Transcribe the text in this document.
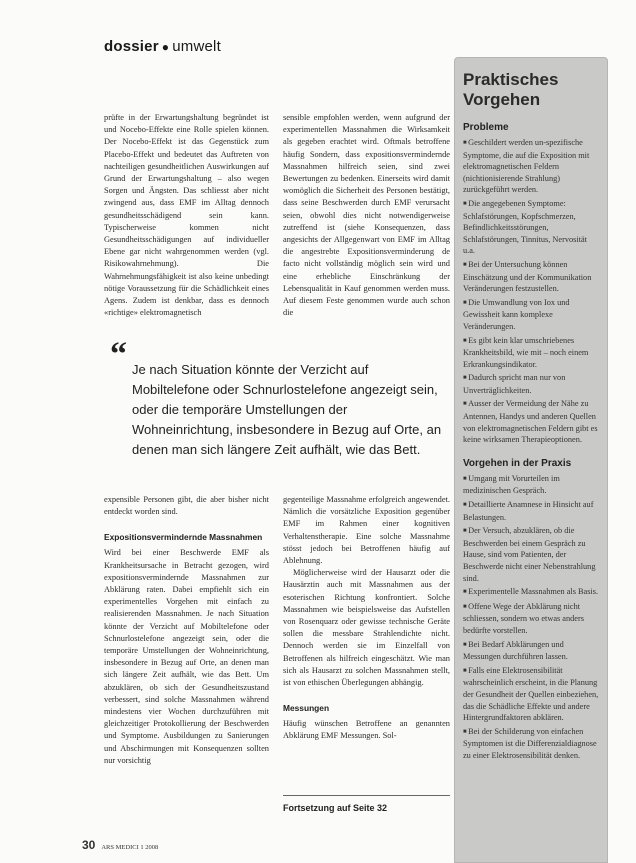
dossier ● umwelt

prüfte in der Erwartungshaltung begründet ist und Nocebo-Effekte eine Rolle spielen können. Der Nocebo-Effekt ist das Gegenstück zum Placebo-Effekt und bedeutet das Auftreten von nachteiligen gesundheitlichen Auswirkungen auf Grund der Erwartungshaltung – also wegen Sorgen und Ängsten. Das schliesst aber nicht zwingend aus, dass EMF im Alltag dennoch gesundheitsschädigend sein kann. Typischerweise kommen nicht Gesundheitsschädigungen auf individueller Ebene gar nicht wahrgenommen werden (vgl. Risikowahrnehmung). Die Wahrnehmungsfähigkeit ist also keine unbedingt nötige Voraussetzung für die Schädlichkeit eines Agens. Zudem ist denkbar, dass es dennoch «richtige» elektromagnetisch

sensible empfohlen werden, wenn aufgrund der experimentellen Massnahmen die Wirksamkeit als gegeben erachtet wird. Oftmals betroffene häufig Sondern, dass expositionsvermindernde Massnahmen hilfreich seien, sind zwei Bewertungen zu bedenken. Einerseits wird damit womöglich die Sicherheit des Personen bestätigt, dass seine Beschwerden durch EMF verursacht seien, obwohl dies nicht notwendigerweise zutreffend ist (siehe Konsequenzen, dass angesichts der Allgegenwart von EMF im Alltag die angestrebte Expositionsverminderung de facto nicht vollständig möglich sein wird und eine erhebliche Einschränkung der Lebensqualität in Kauf genommen werden muss. Auf diesem Feste genommen wurde auch schon die

“ Je nach Situation könnte der Verzicht auf Mobiltelefone oder Schnurlostelefone angezeigt sein, oder die temporäre Umstellungen der Wohneinrichtung, insbesondere in Bezug auf Orte, an denen man sich längere Zeit aufhält, wie das Bett.

expensible Personen gibt, die aber bisher nicht entdeckt worden sind.

Expositionsvermindernde Massnahmen

Wird bei einer Beschwerde EMF als Krankheitsursache in Betracht gezogen, wird expositionsvermindernde Massnahmen zur Abklärung raten. Dabei empfiehlt sich ein experimentelles Vorgehen mit einfach zu realisierenden Massnahmen. Je nach Situation könnte der Verzicht auf Mobiltelefone oder Schnurlostelefone angezeigt sein, oder die temporäre Umstellungen der Wohneinrichtung, insbesondere in Bezug auf Orte, an denen man sich längere Zeit aufhält, wie das Bett. Um abzuklären, ob sich der Gesundheitszustand verbessert, sind solche Massnahmen während mindestens vier Wochen durchzuführen mit gleichzeitiger Protokollierung der Beschwerden und Symptome. Ausbildungen zu Sanierungen und Abschirmungen mit Konsequenzen sollten nur vorsichtig

gegenteilige Massnahme erfolgreich angewendet. Nämlich die vorsätzliche Exposition gegenüber EMF im Rahmen einer kognitiven Verhaltenstherapie. Eine solche Massnahme stösst jedoch bei Betroffenen häufig auf Ablehnung.

Möglicherweise wird der Hausarzt oder die Hausärztin auch mit Massnahmen aus der esoterischen Richtung konfrontiert. Solche Massnahmen wie beispielsweise das Aufstellen von Rosenquarz oder gewisse technische Geräte sollen die messbare Strahlendichte nicht. Dennoch werden sie im Einzelfall von Betroffenen als hilfreich eingeschätzt. Wie man sich als Hausarzt zu solchen Massnahmen stellt, ist von ethischen Überlegungen abhängig.

Messungen

Häufig wünschen Betroffene an genannten Abklärung EMF Messungen. Sol-

Fortsetzung auf Seite 32
Praktisches Vorgehen
Probleme
■ Geschildert werden un-spezifische Symptome, die auf die Exposition mit elektromagnetischen Feldern (nichtionisierende Strahlung) zurückgeführt werden.
■ Die angegebenen Symptome: Schlafstörungen, Kopfschmerzen, Befindlichkeitsstörungen, Schlafstörungen, Tinnitus, Nervosität u.a.
■ Bei der Untersuchung können Einschätzung und der Kommunikation Veränderungen festzustellen.
■ Die Umwandlung von Iox und Gewissheit kann komplexe Veränderungen.
■ Es gibt kein klar umschriebenes Krankheitsbild, wie mit – noch einem Erkrankungsindikator.
■ Dadurch spricht man nur von Unverträglichkeiten.
■ Ausser der Vermeidung der Nähe zu Antennen, Handys und anderen Quellen von elektromagnetischen Feldern gibt es keine wirksamen Therapieoptionen.
Vorgehen in der Praxis
■ Umgang mit Vorurteilen im medizinischen Gespräch.
■ Detaillierte Anamnese in Hinsicht auf Belastungen.
■ Der Versuch, abzuklären, ob die Beschwerden bei einem Gespräch zu Hause, sind vom Patienten, der Beschwerde nicht einer Nebenstrahlung sind.
■ Experimentelle Massnahmen als Basis.
■ Offene Wege der Abklärung nicht schliessen, sondern wo etwas anders bedürfte vorstellen.
■ Bei Bedarf Abklärungen und Messungen durchführen lassen.
■ Falls eine Elektrosensibilität wahrscheinlich erscheint, in die Planung der Gesundheit der Quellen einbeziehen, das die Schädliche Effekte und andere Hintergrundfaktoren abklären.
■ Bei der Schilderung von einfachen Symptomen ist die Differenzialdiagnose zu einer Elektrosensibilität denken.
30 ARS MEDICI 1 2008
